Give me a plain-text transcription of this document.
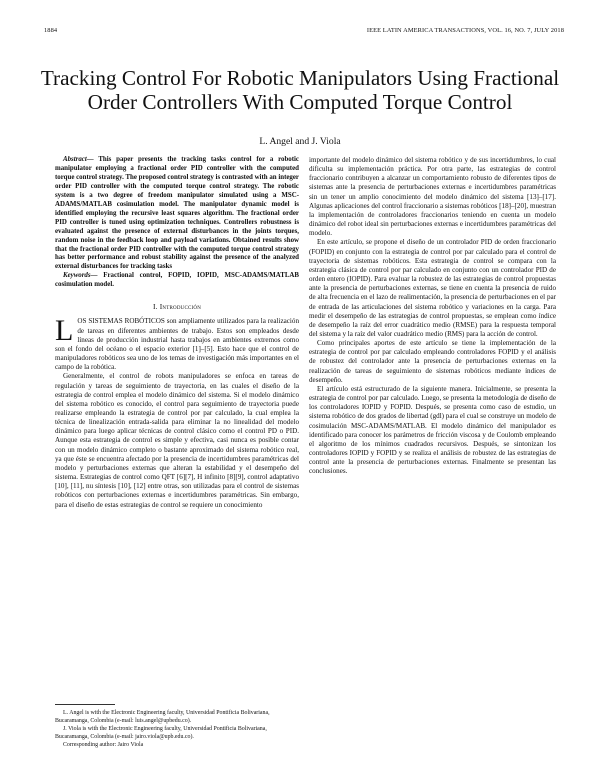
1884	IEEE LATIN AMERICA TRANSACTIONS, VOL. 16, NO. 7, JULY 2018
Tracking Control For Robotic Manipulators Using Fractional Order Controllers With Computed Torque Control
L. Angel and J. Viola

Abstract— This paper presents the tracking tasks control for a robotic manipulator employing a fractional order PID controller with the computed torque control strategy. The proposed control strategy is contrasted with an integer order PID controller with the computed torque control strategy. The robotic system is a two degree of freedom manipulator simulated using a MSC-ADAMS/MATLAB cosimulation model. The manipulator dynamic model is identified employing the recursive least squares algorithm. The fractional order PID controller is tuned using optimization techniques. Controllers robustness is evaluated against the presence of external disturbances in the joints torques, random noise in the feedback loop and payload variations. Obtained results show that the fractional order PID controller with the computed torque control strategy has better performance and robust stability against the presence of the analyzed external disturbances for tracking tasks

Keywords— Fractional control, FOPID, IOPID, MSC-ADAMS/MATLAB cosimulation model.

I. Introducción

LOS SISTEMAS ROBÓTICOS son ampliamente utilizados para la realización de tareas en diferentes ambientes de trabajo. Estos son empleados desde líneas de producción industrial hasta trabajos en ambientes extremos como son el fondo del océano o el espacio exterior [1]–[5]. Esto hace que el control de manipuladores robóticos sea uno de los temas de investigación más importantes en el campo de la robótica.

Generalmente, el control de robots manipuladores se enfoca en tareas de regulación y tareas de seguimiento de trayectoria, en las cuales el diseño de la estrategia de control emplea el modelo dinámico del sistema. Si el modelo dinámico del sistema robótico es conocido, el control para seguimiento de trayectoria puede realizarse empleando la estrategia de control por par calculado, la cual emplea la técnica de linealización entrada-salida para eliminar la no linealidad del modelo dinámico para luego aplicar técnicas de control clásico como el control PD o PID. Aunque esta estrategia de control es simple y efectiva, casi nunca es posible contar con un modelo dinámico completo o bastante aproximado del sistema robótico real, ya que éste se encuentra afectado por la presencia de incertidumbres paramétricas del modelo y perturbaciones externas que alteran la estabilidad y el desempeño del sistema. Estrategias de control como QFT [6][7], H infinito [8][9], control adaptativo [10], [11], nu síntesis [10], [12] entre otras, son utilizadas para el control de sistemas robóticos con perturbaciones externas e incertidumbres paramétricas. Sin embargo, para el diseño de estas estrategias de control se requiere un conocimiento

importante del modelo dinámico del sistema robótico y de sus incertidumbres, lo cual dificulta su implementación práctica. Por otra parte, las estrategias de control fraccionario contribuyen a alcanzar un comportamiento robusto de diferentes tipos de sistemas ante la presencia de perturbaciones externas e incertidumbres paramétricas sin un tener un amplio conocimiento del modelo dinámico del sistema [13]–[17]. Algunas aplicaciones del control fraccionario a sistemas robóticos [18]–[20], muestran la implementación de controladores fraccionarios teniendo en cuenta un modelo dinámico del robot ideal sin perturbaciones externas e incertidumbres paramétricas del modelo.

En este artículo, se propone el diseño de un controlador PID de orden fraccionario (FOPID) en conjunto con la estrategia de control por par calculado para el control de trayectoria de sistemas robóticos. Esta estrategia de control se compara con la estrategia clásica de control por par calculado en conjunto con un controlador PID de orden entero (IOPID). Para evaluar la robustez de las estrategias de control propuestas ante la presencia de perturbaciones externas, se tiene en cuenta la presencia de ruido de alta frecuencia en el lazo de realimentación, la presencia de perturbaciones en el par de entrada de las articulaciones del sistema robótico y variaciones en la carga. Para medir el desempeño de las estrategias de control propuestas, se emplean como índice de desempeño la raíz del error cuadrático medio (RMSE) para la respuesta temporal del sistema y la raíz del valor cuadrático medio (RMS) para la acción de control.

Como principales aportes de este artículo se tiene la implementación de la estrategia de control por par calculado empleando controladores FOPID y el análisis de robustez del controlador ante la presencia de perturbaciones externas en la realización de tareas de seguimiento de sistemas robóticos mediante índices de desempeño.

El artículo está estructurado de la siguiente manera. Inicialmente, se presenta la estrategia de control por par calculado. Luego, se presenta la metodología de diseño de los controladores IOPID y FOPID. Después, se presenta como caso de estudio, un sistema robótico de dos grados de libertad (gdl) para el cual se construye un modelo de cosimulación MSC-ADAMS/MATLAB. El modelo dinámico del manipulador es identificado para conocer los parámetros de fricción viscosa y de Coulomb empleando el algoritmo de los mínimos cuadrados recursivos. Después, se sintonizan los controladores IOPID y FOPID y se realiza el análisis de robustez de las estrategias de control ante la presencia de perturbaciones externas. Finalmente se presentan las conclusiones.

L. Angel is with the Electronic Engineering faculty, Universidad Pontificia Bolivariana, Bucaramanga, Colombia (e-mail: luis.angel@upbedu.co).

J. Viola is with the Electronic Engineering faculty, Universidad Pontificia Bolivariana, Bucaramanga, Colombia (e-mail: jairo.viola@upb.edu.co).

Corresponding author: Jairo Viola
